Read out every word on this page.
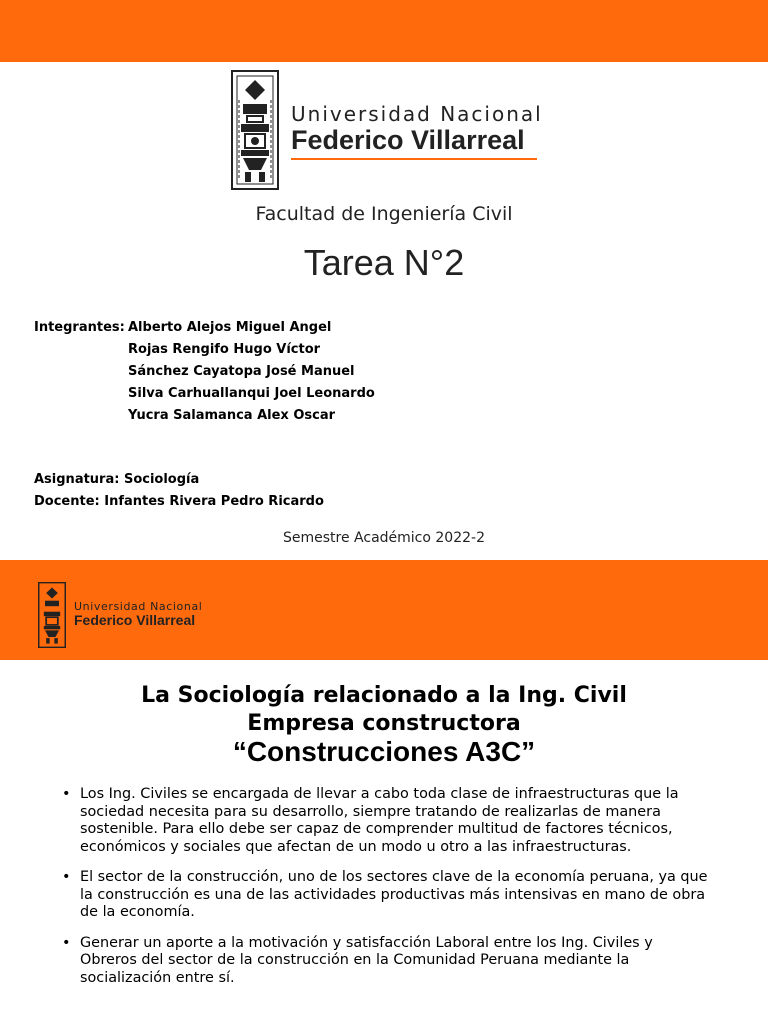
Universidad Nacional
Federico Villarreal
Facultad de Ingeniería Civil
Tarea N°2
Integrantes: Alberto Alejos Miguel Angel
Rojas Rengifo Hugo Víctor
Sánchez Cayatopa José Manuel
Silva Carhuallanqui Joel Leonardo
Yucra Salamanca Alex Oscar
Asignatura: Sociología
Docente: Infantes Rivera Pedro Ricardo
Semestre Académico 2022-2
Universidad Nacional
Federico Villarreal
La Sociología relacionado a la Ing. Civil
Empresa constructora
“Construcciones A3C”
• Los Ing. Civiles se encargada de llevar a cabo toda clase de infraestructuras que la sociedad necesita para su desarrollo, siempre tratando de realizarlas de manera sostenible. Para ello debe ser capaz de comprender multitud de factores técnicos, económicos y sociales que afectan de un modo u otro a las infraestructuras.
• El sector de la construcción, uno de los sectores clave de la economía peruana, ya que la construcción es una de las actividades productivas más intensivas en mano de obra de la economía.
• Generar un aporte a la motivación y satisfacción Laboral entre los Ing. Civiles y Obreros del sector de la construcción en la Comunidad Peruana mediante la socialización entre sí.
